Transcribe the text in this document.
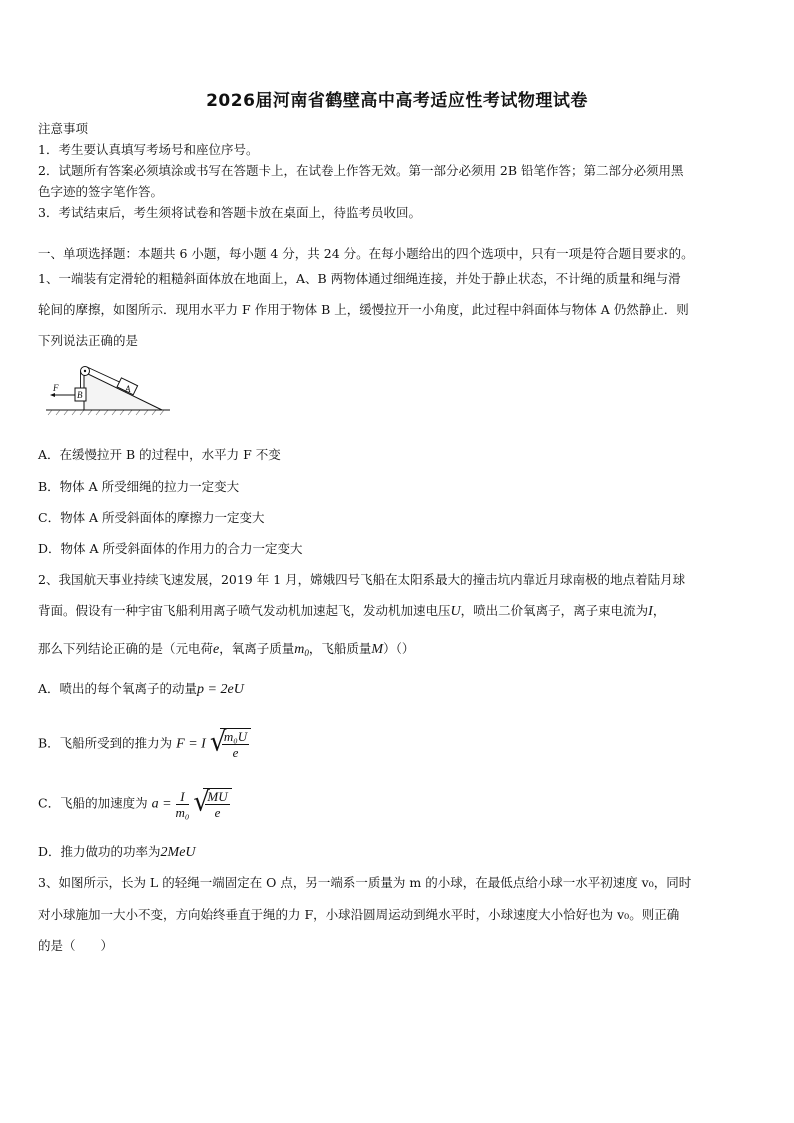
2026届河南省鹤壁高中高考适应性考试物理试卷
注意事项
1．考生要认真填写考场号和座位序号。
2．试题所有答案必须填涂或书写在答题卡上，在试卷上作答无效。第一部分必须用 2B 铅笔作答；第二部分必须用黑
色字迹的签字笔作答。
3．考试结束后，考生须将试卷和答题卡放在桌面上，待监考员收回。
一、单项选择题：本题共 6 小题，每小题 4 分，共 24 分。在每小题给出的四个选项中，只有一项是符合题目要求的。
1、一端装有定滑轮的粗糙斜面体放在地面上，A、B 两物体通过细绳连接，并处于静止状态，不计绳的质量和绳与滑
轮间的摩擦，如图所示．现用水平力 F 作用于物体 B 上，缓慢拉开一小角度，此过程中斜面体与物体 A 仍然静止．则
下列说法正确的是
A
B
F
A．在缓慢拉开 B 的过程中，水平力 F 不变
B．物体 A 所受细绳的拉力一定变大
C．物体 A 所受斜面体的摩擦力一定变大
D．物体 A 所受斜面体的作用力的合力一定变大
2、我国航天事业持续飞速发展，2019 年 1 月，嫦娥四号飞船在太阳系最大的撞击坑内靠近月球南极的地点着陆月球
背面。假设有一种宇宙飞船利用离子喷气发动机加速起飞，发动机加速电压U，喷出二价氧离子，离子束电流为I，
那么下列结论正确的是（元电荷e，氧离子质量$m_0$，飞船质量M）（）
A．喷出的每个氧离子的动量p = 2eU
B．飞船所受到的推力为 F = I √
$\frac{\text{m₀U}}{e}$
C．飞船的加速度为 $a = \frac{I}{\text{m₀}}$
√
$\frac{MU}{e}$
D．推力做功的功率为2MeU
3、如图所示，长为 L 的轻绳一端固定在 O 点，另一端系一质量为 m 的小球，在最低点给小球一水平初速度 v₀，同时
对小球施加一大小不变，方向始终垂直于绳的力 F，小球沿圆周运动到绳水平时，小球速度大小恰好也为 v₀。则正确
的是（　　）
